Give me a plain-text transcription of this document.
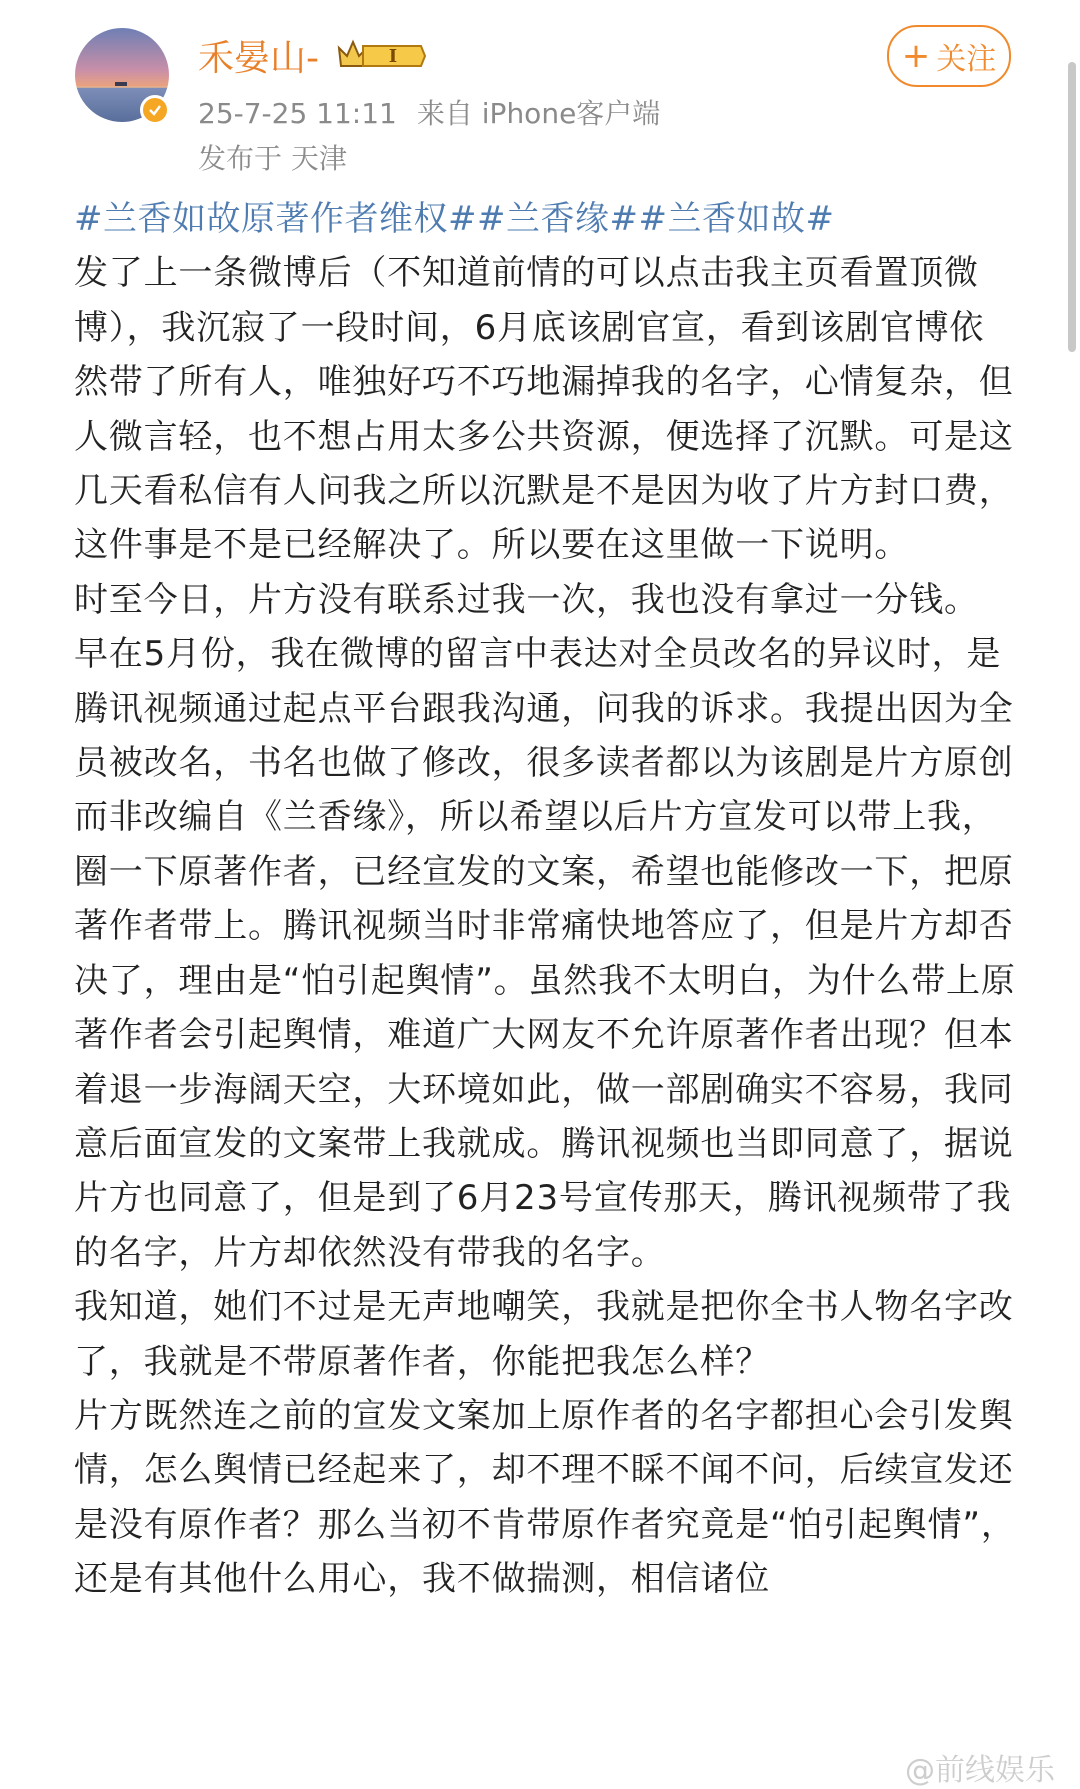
禾晏山-	I
25-7-25 11:11 来自 iPhone客户端
发布于 天津
+ 关注

#兰香如故原著作者维权##兰香缘##兰香如故#

发了上一条微博后（不知道前情的可以点击我主页看置顶微博），我沉寂了一段时间，6月底该剧官宣，看到该剧官博依然带了所有人，唯独好巧不巧地漏掉我的名字，心情复杂，但人微言轻，也不想占用太多公共资源，便选择了沉默。可是这几天看私信有人问我之所以沉默是不是因为收了片方封口费，这件事是不是已经解决了。所以要在这里做一下说明。

时至今日，片方没有联系过我一次，我也没有拿过一分钱。

早在5月份，我在微博的留言中表达对全员改名的异议时，是腾讯视频通过起点平台跟我沟通，问我的诉求。我提出因为全员被改名，书名也做了修改，很多读者都以为该剧是片方原创而非改编自《兰香缘》，所以希望以后片方宣发可以带上我，圈一下原著作者，已经宣发的文案，希望也能修改一下，把原著作者带上。腾讯视频当时非常痛快地答应了，但是片方却否决了，理由是“怕引起舆情”。虽然我不太明白，为什么带上原著作者会引起舆情，难道广大网友不允许原著作者出现？但本着退一步海阔天空，大环境如此，做一部剧确实不容易，我同意后面宣发的文案带上我就成。腾讯视频也当即同意了，据说片方也同意了，但是到了6月23号宣传那天，腾讯视频带了我的名字，片方却依然没有带我的名字。

我知道，她们不过是无声地嘲笑，我就是把你全书人物名字改了，我就是不带原著作者，你能把我怎么样？

片方既然连之前的宣发文案加上原作者的名字都担心会引发舆情，怎么舆情已经起来了，却不理不睬不闻不问，后续宣发还是没有原作者？那么当初不肯带原作者究竟是“怕引起舆情”，还是有其他什么用心，我不做揣测，相信诸位

@前线娱乐
